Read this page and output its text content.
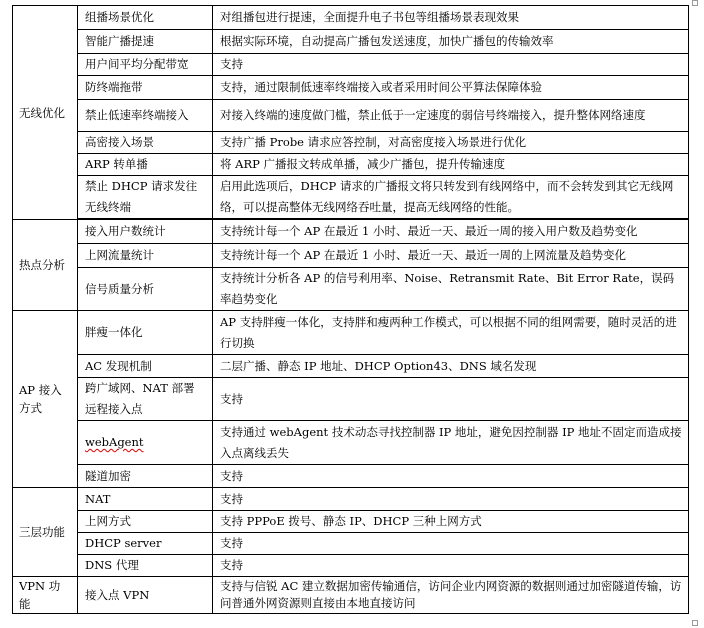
无线优化	组播场景优化	对组播包进行提速，全面提升电子书包等组播场景表现效果
	智能广播提速	根据实际环境，自动提高广播包发送速度，加快广播包的传输效率
	用户间平均分配带宽	支持
	防终端拖带	支持，通过限制低速率终端接入或者采用时间公平算法保障体验
	禁止低速率终端接入	对接入终端的速度做门槛，禁止低于一定速度的弱信号终端接入，提升整体网络速度
	高密接入场景	支持广播 Probe 请求应答控制，对高密度接入场景进行优化
	ARP 转单播	将 ARP 广播报文转成单播，减少广播包，提升传输速度
	禁止 DHCP 请求发往无线终端	启用此选项后，DHCP 请求的广播报文将只转发到有线网络中，而不会转发到其它无线网络，可以提高整体无线网络吞吐量，提高无线网络的性能。

热点分析	接入用户数统计	支持统计每一个 AP 在最近 1 小时、最近一天、最近一周的接入用户数及趋势变化
	上网流量统计	支持统计每一个 AP 在最近 1 小时、最近一天、最近一周的上网流量及趋势变化
	信号质量分析	支持统计分析各 AP 的信号利用率、Noise、Retransmit Rate、Bit Error Rate，误码率趋势变化
AP 接入方式	胖瘦一体化	AP 支持胖瘦一体化，支持胖和瘦两种工作模式，可以根据不同的组网需要，随时灵活的进行切换
	AC 发现机制	二层广播、静态 IP 地址、DHCP Option43、DNS 域名发现
	跨广域网、NAT 部署远程接入点	支持
	webAgent	支持通过 webAgent 技术动态寻找控制器 IP 地址，避免因控制器 IP 地址不固定而造成接入点离线丢失
	隧道加密	支持
三层功能	NAT	支持
	上网方式	支持 PPPoE 拨号、静态 IP、DHCP 三种上网方式
	DHCP server	支持
	DNS 代理	支持
VPN 功能	接入点 VPN	支持与信锐 AC 建立数据加密传输通信，访问企业内网资源的数据则通过加密隧道传输，访问普通外网资源则直接由本地直接访问
